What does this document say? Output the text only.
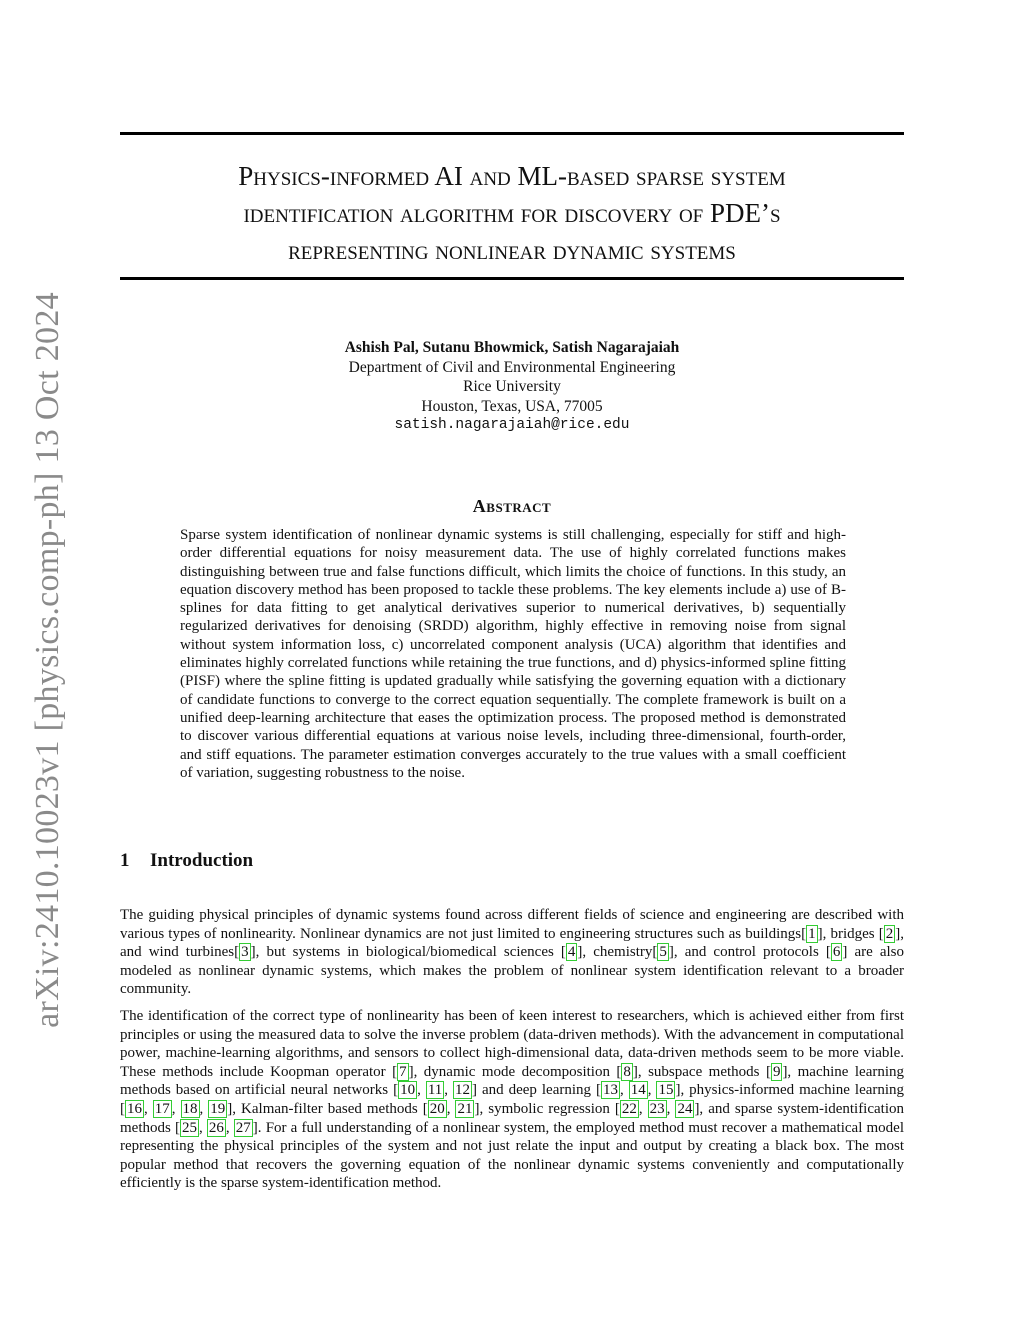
arXiv:2410.10023v1 [physics.comp-ph] 13 Oct 2024
Physics-informed AI and ML-based sparse system
identification algorithm for discovery of PDE’s
representing nonlinear dynamic systems
Ashish Pal, Sutanu Bhowmick, Satish Nagarajaiah
Department of Civil and Environmental Engineering
Rice University
Houston, Texas, USA, 77005
satish.nagarajaiah@rice.edu
Abstract

Sparse system identification of nonlinear dynamic systems is still challenging, especially for stiff and high-order differential equations for noisy measurement data. The use of highly correlated functions makes distinguishing between true and false functions difficult, which limits the choice of functions. In this study, an equation discovery method has been proposed to tackle these problems. The key elements include a) use of B-splines for data fitting to get analytical derivatives superior to numerical derivatives, b) sequentially regularized derivatives for denoising (SRDD) algorithm, highly effective in removing noise from signal without system information loss, c) uncorrelated component analysis (UCA) algorithm that identifies and eliminates highly correlated functions while retaining the true functions, and d) physics-informed spline fitting (PISF) where the spline fitting is updated gradually while satisfying the governing equation with a dictionary of candidate functions to converge to the correct equation sequentially. The complete framework is built on a unified deep-learning architecture that eases the optimization process. The proposed method is demonstrated to discover various differential equations at various noise levels, including three-dimensional, fourth-order, and stiff equations. The parameter estimation converges accurately to the true values with a small coefficient of variation, suggesting robustness to the noise.

1 Introduction

The guiding physical principles of dynamic systems found across different fields of science and engineering are described with various types of nonlinearity. Nonlinear dynamics are not just limited to engineering structures such as buildings[ 1 ], bridges [ 2 ], and wind turbines[ 3 ], but systems in biological/biomedical sciences [ 4 ], chemistry[ 5 ], and control protocols [ 6 ] are also modeled as nonlinear dynamic systems, which makes the problem of nonlinear system identification relevant to a broader community.

The identification of the correct type of nonlinearity has been of keen interest to researchers, which is achieved either from first principles or using the measured data to solve the inverse problem (data-driven methods). With the advancement in computational power, machine-learning algorithms, and sensors to collect high-dimensional data, data-driven methods seem to be more viable. These methods include Koopman operator [ 7 ], dynamic mode decomposition [ 8 ], subspace methods [ 9 ], machine learning methods based on artificial neural networks [ 10 , 11 , 12 ] and deep learning [ 13 , 14 , 15 ], physics-informed machine learning [ 16 , 17 , 18 , 19 ], Kalman-filter based methods [ 20 , 21 ], symbolic regression [ 22 , 23 , 24 ], and sparse system-identification methods [ 25 , 26 , 27 ]. For a full understanding of a nonlinear system, the employed method must recover a mathematical model representing the physical principles of the system and not just relate the input and output by creating a black box. The most popular method that recovers the governing equation of the nonlinear dynamic systems conveniently and computationally efficiently is the sparse system-identification method.
